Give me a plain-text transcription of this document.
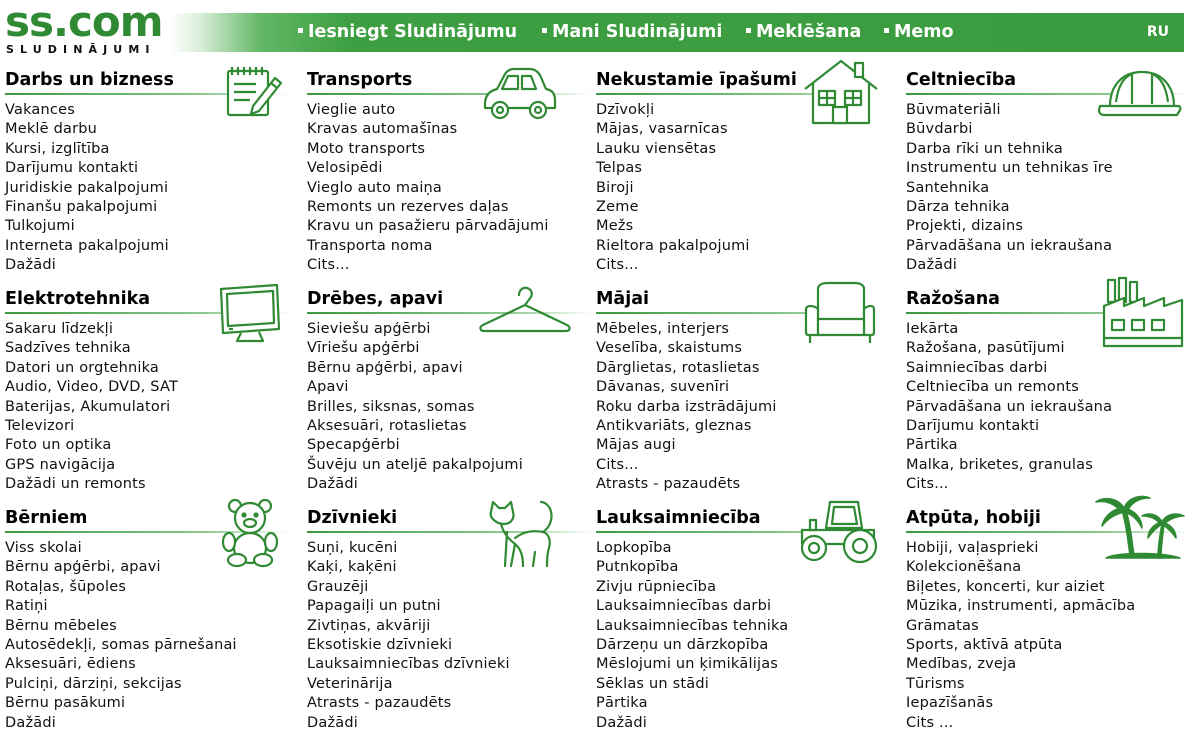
ss.com
SLUDINĀJUMI
Iesniegt Sludinājumu	Mani Sludinājumi	Meklēšana	Memo	RU
Darbs un bizness
Vakances
Meklē darbu
Kursi, izglītība
Darījumu kontakti
Juridiskie pakalpojumi
Finanšu pakalpojumi
Tulkojumi
Interneta pakalpojumi
Dažādi
Transports
Vieglie auto
Kravas automašīnas
Moto transports
Velosipēdi
Vieglo auto maiņa
Remonts un rezerves daļas
Kravu un pasažieru pārvadājumi
Transporta noma
Cits...
Nekustamie īpašumi
Dzīvokļi
Mājas, vasarnīcas
Lauku viensētas
Telpas
Biroji
Zeme
Mežs
Rieltora pakalpojumi
Cits...
Celtniecība
Būvmateriāli
Būvdarbi
Darba rīki un tehnika
Instrumentu un tehnikas īre
Santehnika
Dārza tehnika
Projekti, dizains
Pārvadāšana un iekraušana
Dažādi
Elektrotehnika
Sakaru līdzekļi
Sadzīves tehnika
Datori un orgtehnika
Audio, Video, DVD, SAT
Baterijas, Akumulatori
Televizori
Foto un optika
GPS navigācija
Dažādi un remonts
Drēbes, apavi
Sieviešu apģērbi
Vīriešu apģērbi
Bērnu apģērbi, apavi
Apavi
Brilles, siksnas, somas
Aksesuāri, rotaslietas
Specapģērbi
Šuvēju un ateljē pakalpojumi
Dažādi
Mājai
Mēbeles, interjers
Veselība, skaistums
Dārglietas, rotaslietas
Dāvanas, suvenīri
Roku darba izstrādājumi
Antikvariāts, gleznas
Mājas augi
Cits...
Atrasts - pazaudēts
Ražošana
Iekārta
Ražošana, pasūtījumi
Saimniecības darbi
Celtniecība un remonts
Pārvadāšana un iekraušana
Darījumu kontakti
Pārtika
Malka, briketes, granulas
Cits...
Bērniem
Viss skolai
Bērnu apģērbi, apavi
Rotaļas, šūpoles
Ratiņi
Bērnu mēbeles
Autosēdekļi, somas pārnešanai
Aksesuāri, ēdiens
Pulciņi, dārziņi, sekcijas
Bērnu pasākumi
Dažādi
Dzīvnieki
Suņi, kucēni
Kaķi, kaķēni
Grauzēji
Papagaiļi un putni
Zivtiņas, akvāriji
Eksotiskie dzīvnieki
Lauksaimniecības dzīvnieki
Veterinārija
Atrasts - pazaudēts
Dažādi
Lauksaimniecība
Lopkopība
Putnkopība
Zivju rūpniecība
Lauksaimniecības darbi
Lauksaimniecības tehnika
Dārzeņu un dārzkopība
Mēslojumi un ķimikālijas
Sēklas un stādi
Pārtika
Dažādi
Atpūta, hobiji
Hobiji, vaļasprieki
Kolekcionēšana
Biļetes, koncerti, kur aiziet
Mūzika, instrumenti, apmācība
Grāmatas
Sports, aktīvā atpūta
Medības, zveja
Tūrisms
Iepazīšanās
Cits ...
